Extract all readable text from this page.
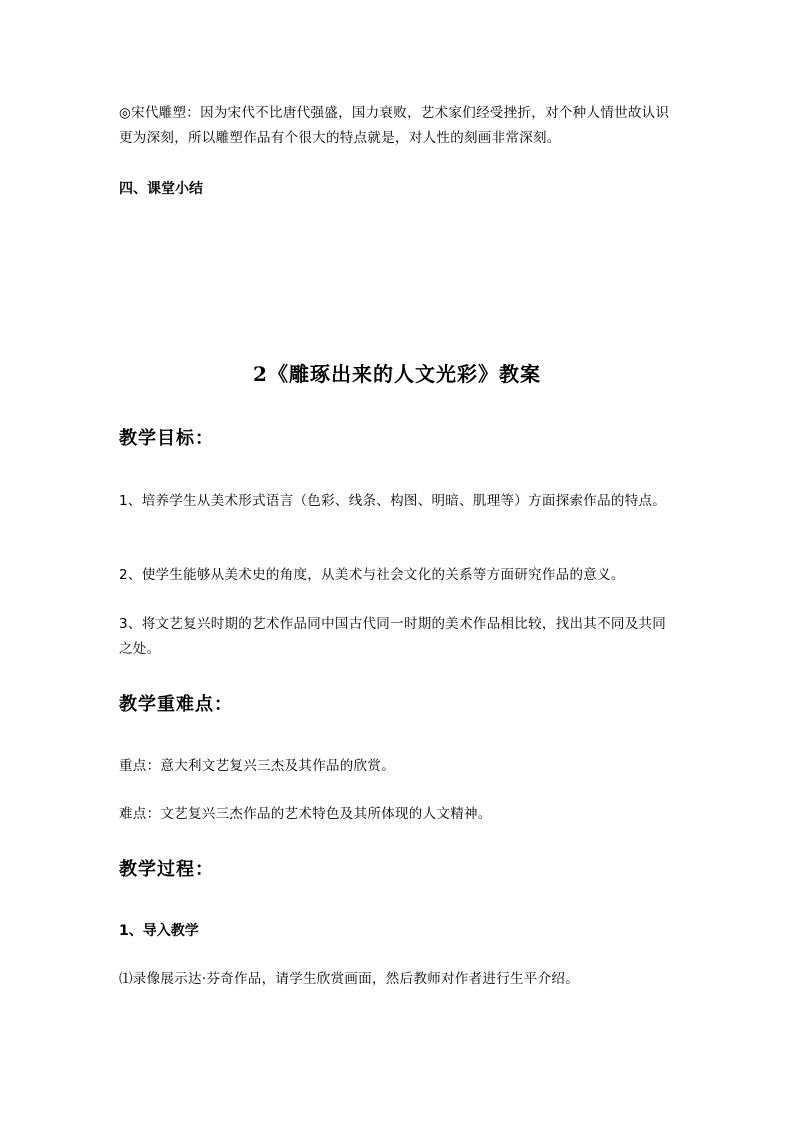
◎宋代雕塑：因为宋代不比唐代强盛，国力衰败，艺术家们经受挫折，对个种人情世故认识更为深刻，所以雕塑作品有个很大的特点就是，对人性的刻画非常深刻。

四、课堂小结

2《雕琢出来的人文光彩》教案
教学目标：

1、培养学生从美术形式语言（色彩、线条、构图、明暗、肌理等）方面探索作品的特点。

2、使学生能够从美术史的角度，从美术与社会文化的关系等方面研究作品的意义。

3、将文艺复兴时期的艺术作品同中国古代同一时期的美术作品相比较，找出其不同及共同之处。

教学重难点：

重点：意大利文艺复兴三杰及其作品的欣赏。

难点：文艺复兴三杰作品的艺术特色及其所体现的人文精神。

教学过程：

1、导入教学

⑴录像展示达·芬奇作品，请学生欣赏画面，然后教师对作者进行生平介绍。
